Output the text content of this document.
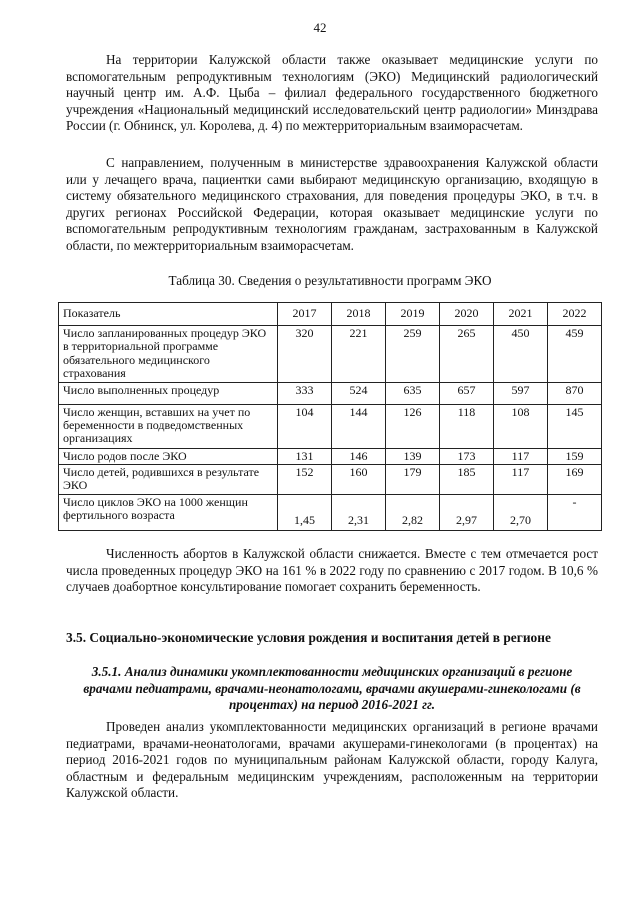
42

На территории Калужской области также оказывает медицинские услуги по вспомогательным репродуктивным технологиям (ЭКО) Медицинский радиологический научный центр им. А.Ф. Цыба – филиал федерального государственного бюджетного учреждения «Национальный медицинский исследовательский центр радиологии» Минздрава России (г. Обнинск, ул. Королева, д. 4) по межтерриториальным взаиморасчетам.

С направлением, полученным в министерстве здравоохранения Калужской области или у лечащего врача, пациентки сами выбирают медицинскую организацию, входящую в систему обязательного медицинского страхования, для поведения процедуры ЭКО, в т.ч. в других регионах Российской Федерации, которая оказывает медицинские услуги по вспомогательным репродуктивным технологиям гражданам, застрахованным в Калужской области, по межтерриториальным взаиморасчетам.

Таблица 30. Сведения о результативности программ ЭКО
Показатель	2017	2018	2019	2020	2021	2022
Число запланированных процедур ЭКО в территориальной программе обязательного медицинского страхования	320	221	259	265	450	459
Число выполненных процедур	333	524	635	657	597	870
Число женщин, вставших на учет по беременности в подведомственных организациях	104	144	126	118	108	145
Число родов после ЭКО	131	146	139	173	117	159
Число детей, родившихся в результате ЭКО	152	160	179	185	117	169
Число циклов ЭКО на 1000 женщин фертильного возраста	1,45	2,31	2,82	2,97	2,70	-

Численность абортов в Калужской области снижается. Вместе с тем отмечается рост числа проведенных процедур ЭКО на 161 % в 2022 году по сравнению с 2017 годом. В 10,6 % случаев доабортное консультирование помогает сохранить беременность.

3.5. Социально-экономические условия рождения и воспитания детей в регионе
3.5.1. Анализ динамики укомплектованности медицинских организаций в регионе врачами педиатрами, врачами-неонатологами, врачами акушерами-гинекологами (в процентах) на период 2016-2021 гг.

Проведен анализ укомплектованности медицинских организаций в регионе врачами педиатрами, врачами-неонатологами, врачами акушерами-гинекологами (в процентах) на период 2016-2021 годов по муниципальным районам Калужской области, городу Калуга, областным и федеральным медицинским учреждениям, расположенным на территории Калужской области.
